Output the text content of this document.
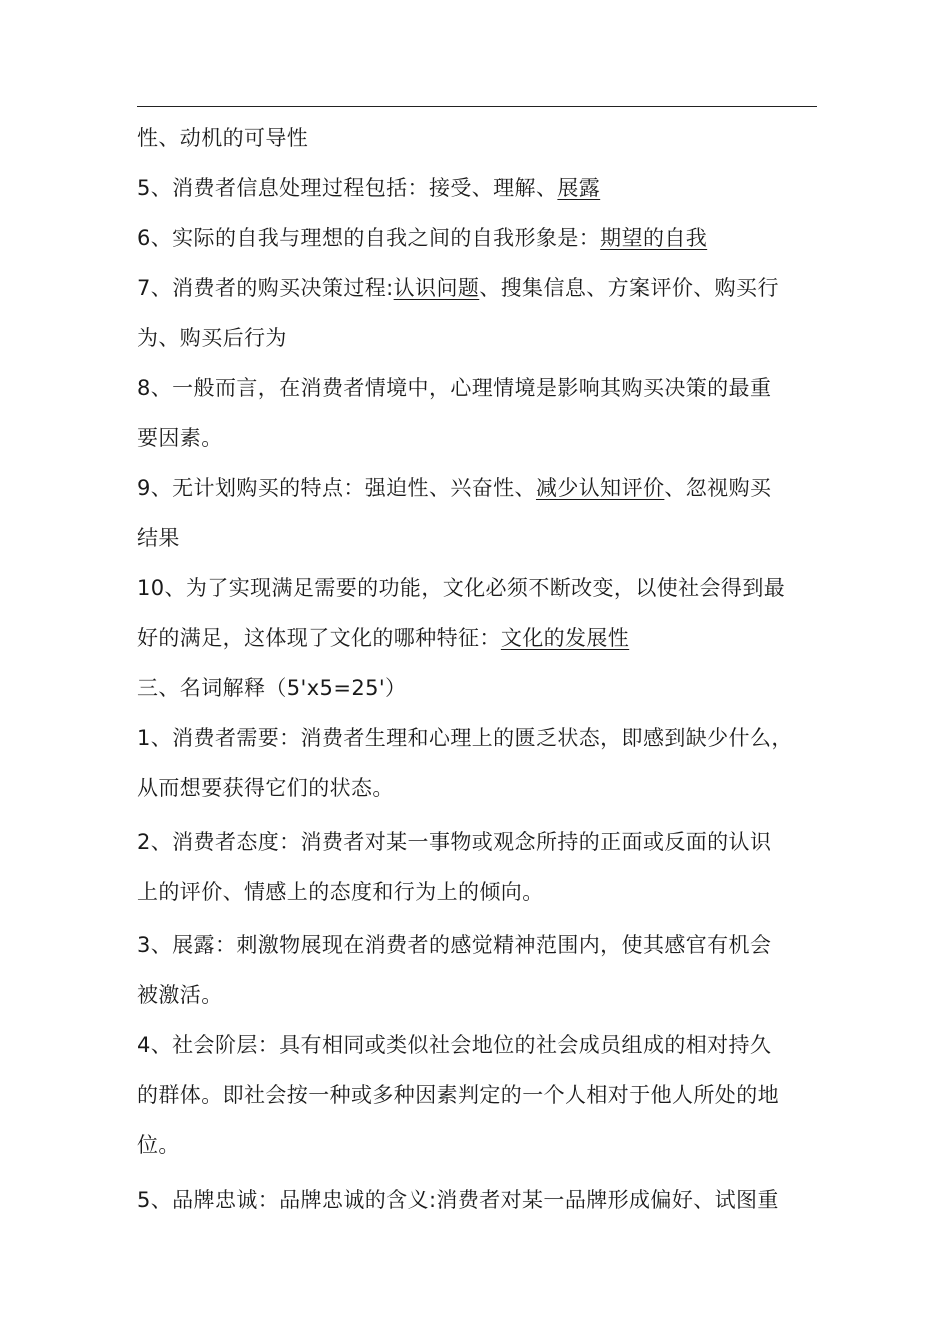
性、动机的可导性
5、消费者信息处理过程包括：接受、理解、展露
6、实际的自我与理想的自我之间的自我形象是：期望的自我
7、消费者的购买决策过程:认识问题、搜集信息、方案评价、购买行
为、购买后行为
8、一般而言，在消费者情境中，心理情境是影响其购买决策的最重
要因素。
9、无计划购买的特点：强迫性、兴奋性、减少认知评价、忽视购买
结果
10、为了实现满足需要的功能，文化必须不断改变，以使社会得到最
好的满足，这体现了文化的哪种特征：文化的发展性
三、名词解释（5'x5=25'）
1、消费者需要：消费者生理和心理上的匮乏状态，即感到缺少什么，
从而想要获得它们的状态。
2、消费者态度：消费者对某一事物或观念所持的正面或反面的认识
上的评价、情感上的态度和行为上的倾向。
3、展露：刺激物展现在消费者的感觉精神范围内，使其感官有机会
被激活。
4、社会阶层：具有相同或类似社会地位的社会成员组成的相对持久
的群体。即社会按一种或多种因素判定的一个人相对于他人所处的地
位。
5、品牌忠诚：品牌忠诚的含义:消费者对某一品牌形成偏好、试图重
